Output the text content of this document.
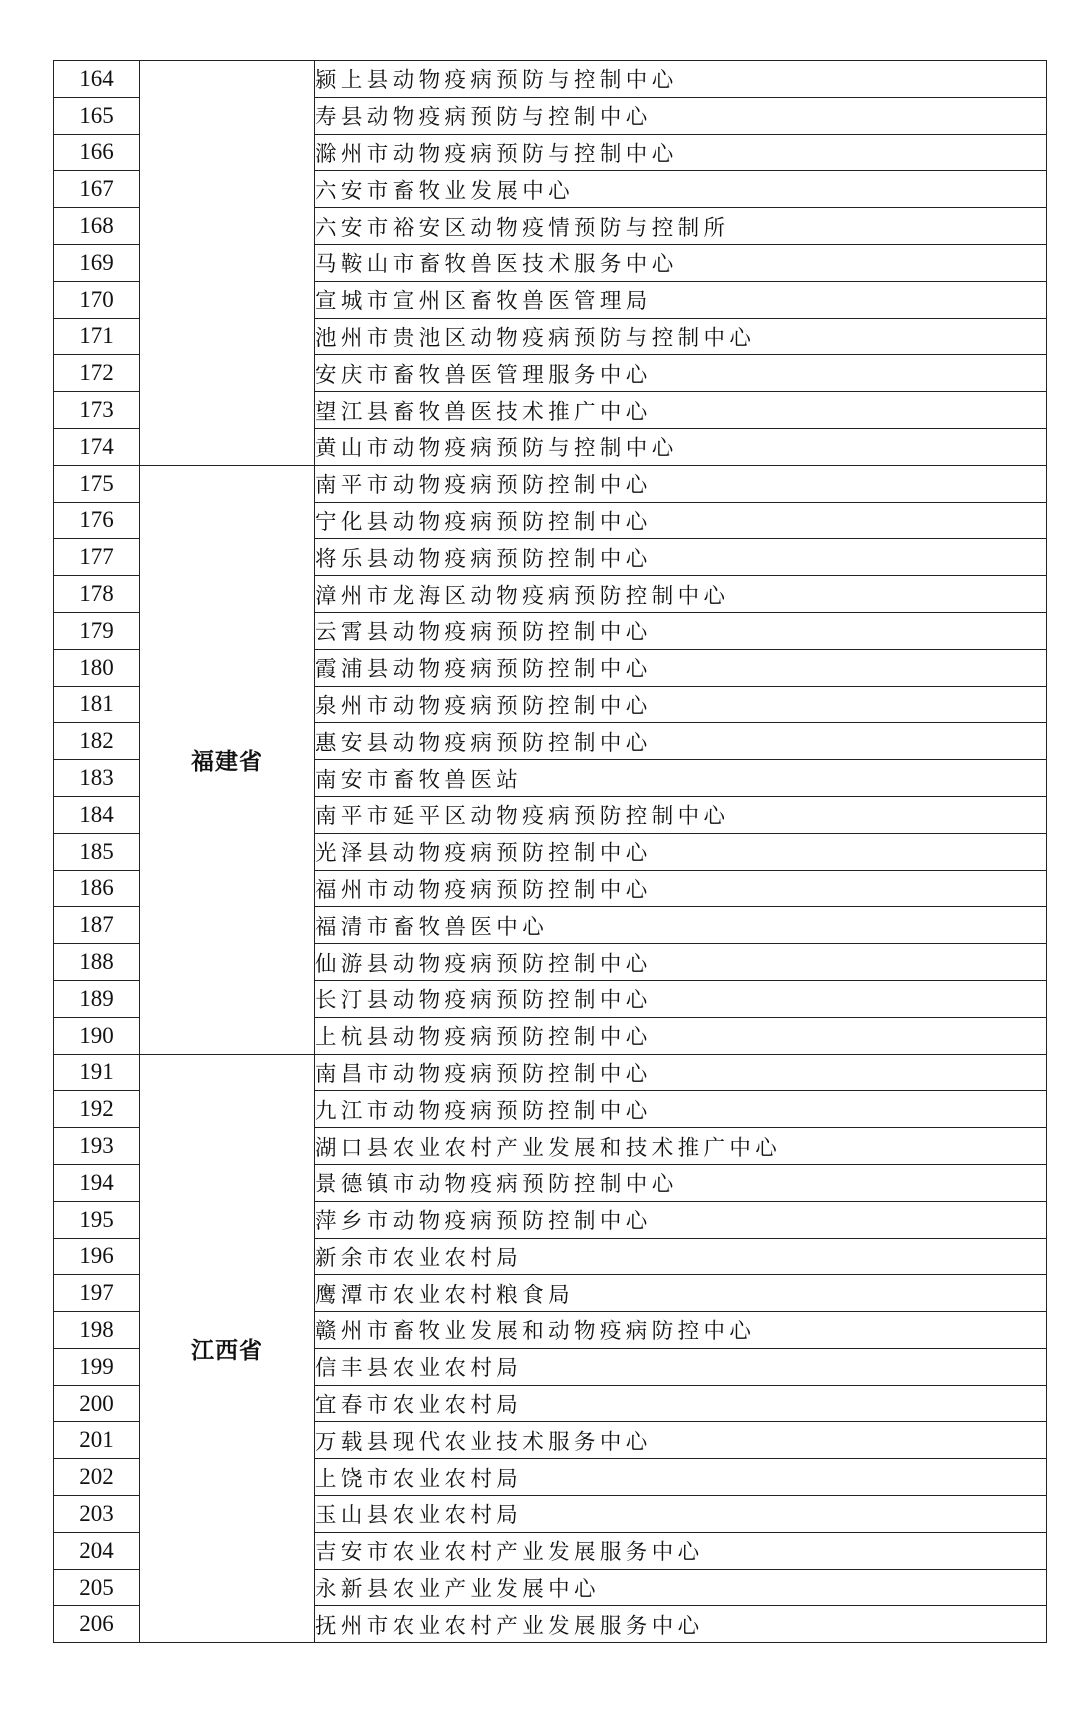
164		颍上县动物疫病预防与控制中心
165		寿县动物疫病预防与控制中心
166		滁州市动物疫病预防与控制中心
167		六安市畜牧业发展中心
168		六安市裕安区动物疫情预防与控制所
169		马鞍山市畜牧兽医技术服务中心
170		宣城市宣州区畜牧兽医管理局
171		池州市贵池区动物疫病预防与控制中心
172		安庆市畜牧兽医管理服务中心
173		望江县畜牧兽医技术推广中心
174		黄山市动物疫病预防与控制中心
175	福建省	南平市动物疫病预防控制中心
176		宁化县动物疫病预防控制中心
177		将乐县动物疫病预防控制中心
178		漳州市龙海区动物疫病预防控制中心
179		云霄县动物疫病预防控制中心
180		霞浦县动物疫病预防控制中心
181		泉州市动物疫病预防控制中心
182		惠安县动物疫病预防控制中心
183		南安市畜牧兽医站
184		南平市延平区动物疫病预防控制中心
185		光泽县动物疫病预防控制中心
186		福州市动物疫病预防控制中心
187		福清市畜牧兽医中心
188		仙游县动物疫病预防控制中心
189		长汀县动物疫病预防控制中心
190		上杭县动物疫病预防控制中心
191	江西省	南昌市动物疫病预防控制中心
192		九江市动物疫病预防控制中心
193		湖口县农业农村产业发展和技术推广中心
194		景德镇市动物疫病预防控制中心
195		萍乡市动物疫病预防控制中心
196		新余市农业农村局
197		鹰潭市农业农村粮食局
198		赣州市畜牧业发展和动物疫病防控中心
199		信丰县农业农村局
200		宜春市农业农村局
201		万载县现代农业技术服务中心
202		上饶市农业农村局
203		玉山县农业农村局
204		吉安市农业农村产业发展服务中心
205		永新县农业产业发展中心
206		抚州市农业农村产业发展服务中心
